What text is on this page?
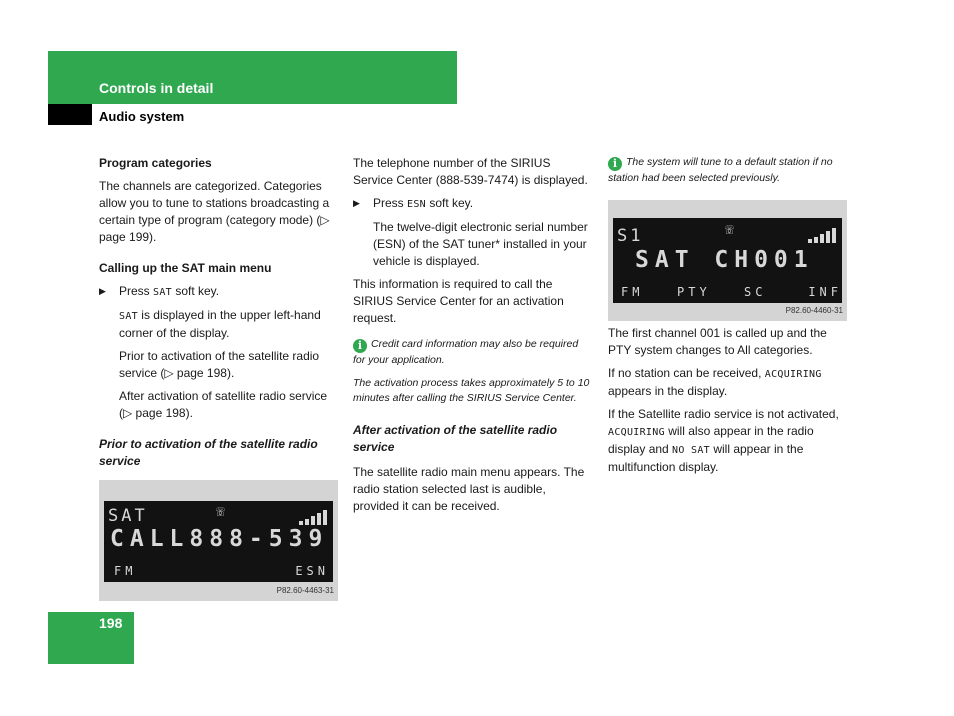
Controls in detail
Audio system

Program categories

The channels are categorized. Categories allow you to tune to stations broadcasting a certain type of program (category mode) (▷ page 199).

Calling up the SAT main menu

▶ Press SAT soft key.
SAT is displayed in the upper left-hand corner of the display.
Prior to activation of the satellite radio service (▷ page 198).
After activation of satellite radio service (▷ page 198).

Prior to activation of the satellite radio service

SAT	☏
CALL888-539
FM	ESN
P82.60-4463-31

The telephone number of the SIRIUS Service Center (888-539-7474) is displayed.

▶ Press ESN soft key.
The twelve-digit electronic serial number (ESN) of the SAT tuner* installed in your vehicle is displayed.

This information is required to call the SIRIUS Service Center for an activation request.

i Credit card information may also be required for your application.
The activation process takes approximately 5 to 10 minutes after calling the SIRIUS Service Center.

After activation of the satellite radio service

The satellite radio main menu appears. The radio station selected last is audible, provided it can be received.

i The system will tune to a default station if no station had been selected previously.
S1	☏
SAT CH001
FM	PTY	SC	INF
P82.60-4460-31

The first channel 001 is called up and the PTY system changes to All categories.

If no station can be received, ACQUIRING appears in the display.

If the Satellite radio service is not activated, ACQUIRING will also appear in the radio display and NO SAT will appear in the multifunction display.

198
